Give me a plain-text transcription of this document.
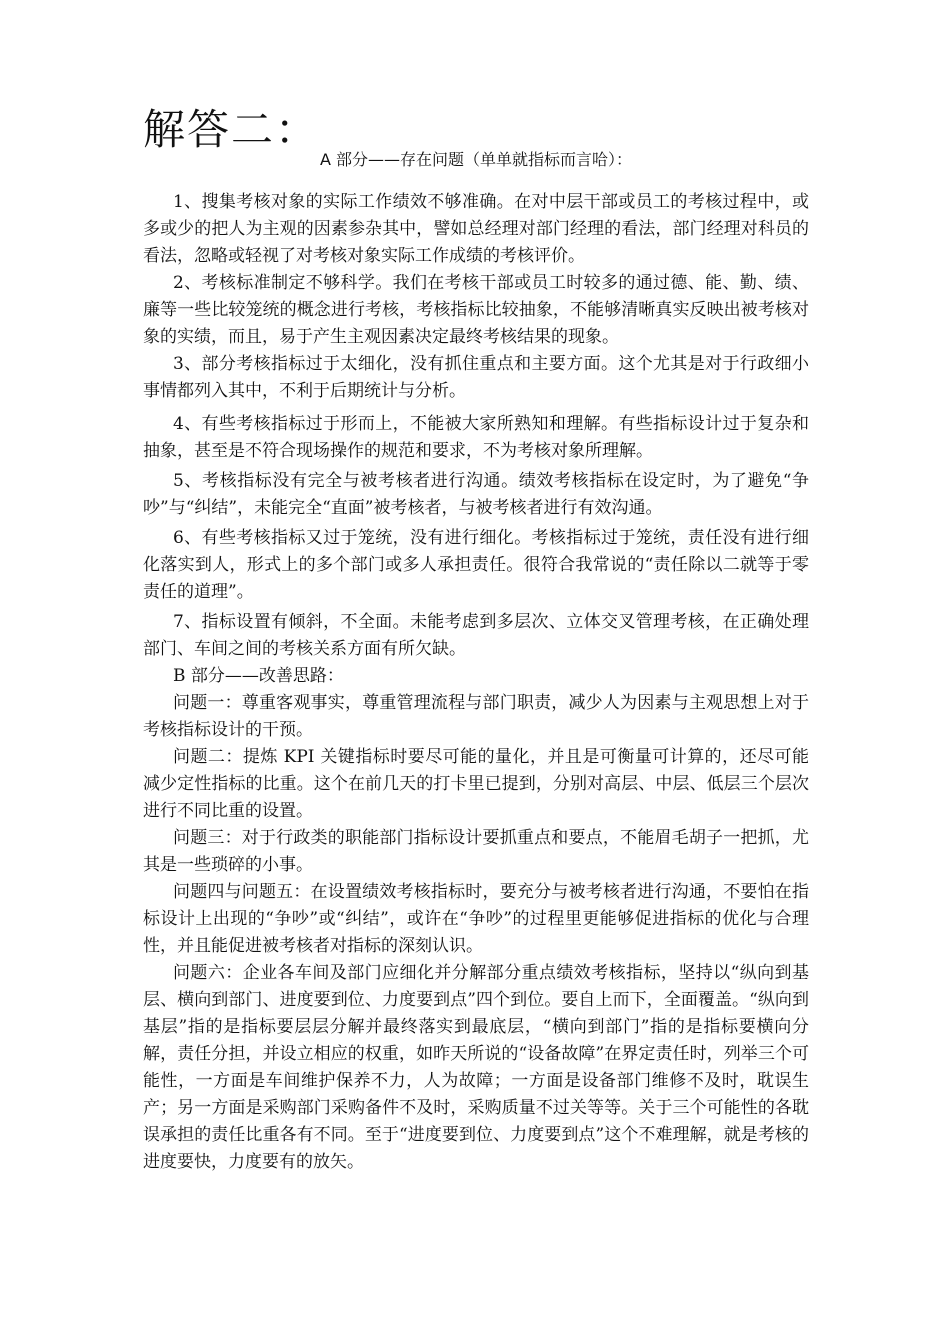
解答二：
A 部分——存在问题（单单就指标而言哈）：

1、搜集考核对象的实际工作绩效不够准确。在对中层干部或员工的考核过程中，或多或少的把人为主观的因素参杂其中，譬如总经理对部门经理的看法，部门经理对科员的看法，忽略或轻视了对考核对象实际工作成绩的考核评价。

2、考核标准制定不够科学。我们在考核干部或员工时较多的通过德、能、勤、绩、廉等一些比较笼统的概念进行考核，考核指标比较抽象，不能够清晰真实反映出被考核对象的实绩，而且，易于产生主观因素决定最终考核结果的现象。

3、部分考核指标过于太细化，没有抓住重点和主要方面。这个尤其是对于行政细小事情都列入其中，不利于后期统计与分析。

4、有些考核指标过于形而上，不能被大家所熟知和理解。有些指标设计过于复杂和抽象，甚至是不符合现场操作的规范和要求，不为考核对象所理解。

5、考核指标没有完全与被考核者进行沟通。绩效考核指标在设定时，为了避免“争吵”与“纠结”，未能完全“直面”被考核者，与被考核者进行有效沟通。

6、有些考核指标又过于笼统，没有进行细化。考核指标过于笼统，责任没有进行细化落实到人，形式上的多个部门或多人承担责任。很符合我常说的“责任除以二就等于零责任的道理”。

7、指标设置有倾斜，不全面。未能考虑到多层次、立体交叉管理考核，在正确处理部门、车间之间的考核关系方面有所欠缺。

B 部分——改善思路：

问题一：尊重客观事实，尊重管理流程与部门职责，减少人为因素与主观思想上对于考核指标设计的干预。

问题二：提炼 KPI 关键指标时要尽可能的量化，并且是可衡量可计算的，还尽可能减少定性指标的比重。这个在前几天的打卡里已提到，分别对高层、中层、低层三个层次进行不同比重的设置。

问题三：对于行政类的职能部门指标设计要抓重点和要点，不能眉毛胡子一把抓，尤其是一些琐碎的小事。

问题四与问题五：在设置绩效考核指标时，要充分与被考核者进行沟通，不要怕在指标设计上出现的“争吵”或“纠结”，或许在“争吵”的过程里更能够促进指标的优化与合理性，并且能促进被考核者对指标的深刻认识。

问题六：企业各车间及部门应细化并分解部分重点绩效考核指标，坚持以“纵向到基层、横向到部门、进度要到位、力度要到点”四个到位。要自上而下，全面覆盖。“纵向到基层”指的是指标要层层分解并最终落实到最底层，“横向到部门”指的是指标要横向分解，责任分担，并设立相应的权重，如昨天所说的“设备故障”在界定责任时，列举三个可能性，一方面是车间维护保养不力，人为故障；一方面是设备部门维修不及时，耽误生产；另一方面是采购部门采购备件不及时，采购质量不过关等等。关于三个可能性的各耽误承担的责任比重各有不同。至于“进度要到位、力度要到点”这个不难理解，就是考核的进度要快，力度要有的放矢。
